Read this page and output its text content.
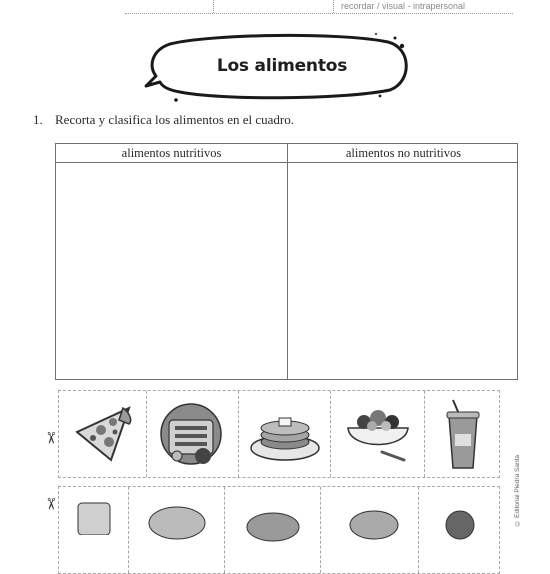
recordar / visual - intrapersonal
Los alimentos
1. Recorta y clasifica los alimentos en el cuadro.
alimentos nutritivos	alimentos no nutritivos
✂
✂	© Editorial Piedra Santa
